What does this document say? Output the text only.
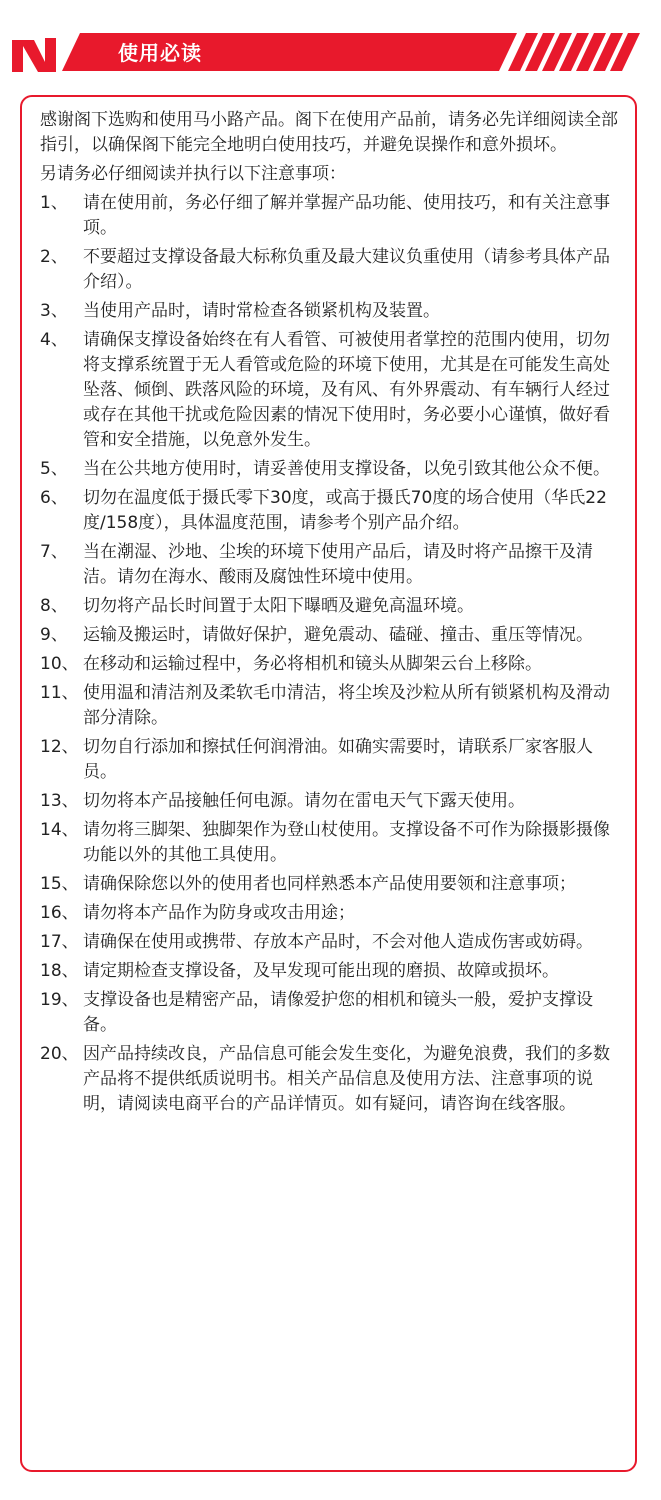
使用必读

感谢阁下选购和使用马小路产品。阁下在使用产品前，请务必先详细阅读全部指引，以确保阁下能完全地明白使用技巧，并避免误操作和意外损坏。

另请务必仔细阅读并执行以下注意事项：

1、 请在使用前，务必仔细了解并掌握产品功能、使用技巧，和有关注意事项。
2、 不要超过支撑设备最大标称负重及最大建议负重使用（请参考具体产品介绍）。
3、 当使用产品时，请时常检查各锁紧机构及装置。
4、 请确保支撑设备始终在有人看管、可被使用者掌控的范围内使用，切勿将支撑系统置于无人看管或危险的环境下使用，尤其是在可能发生高处坠落、倾倒、跌落风险的环境，及有风、有外界震动、有车辆行人经过或存在其他干扰或危险因素的情况下使用时，务必要小心谨慎，做好看管和安全措施，以免意外发生。
5、 当在公共地方使用时，请妥善使用支撑设备，以免引致其他公众不便。
6、 切勿在温度低于摄氏零下30度，或高于摄氏70度的场合使用（华氏22度/158度），具体温度范围，请参考个别产品介绍。
7、 当在潮湿、沙地、尘埃的环境下使用产品后，请及时将产品擦干及清洁。请勿在海水、酸雨及腐蚀性环境中使用。
8、 切勿将产品长时间置于太阳下曝晒及避免高温环境。
9、 运输及搬运时，请做好保护，避免震动、磕碰、撞击、重压等情况。
10、 在移动和运输过程中，务必将相机和镜头从脚架云台上移除。
11、 使用温和清洁剂及柔软毛巾清洁，将尘埃及沙粒从所有锁紧机构及滑动部分清除。
12、 切勿自行添加和擦拭任何润滑油。如确实需要时，请联系厂家客服人员。
13、 切勿将本产品接触任何电源。请勿在雷电天气下露天使用。
14、 请勿将三脚架、独脚架作为登山杖使用。支撑设备不可作为除摄影摄像功能以外的其他工具使用。
15、 请确保除您以外的使用者也同样熟悉本产品使用要领和注意事项；
16、 请勿将本产品作为防身或攻击用途；
17、 请确保在使用或携带、存放本产品时，不会对他人造成伤害或妨碍。
18、 请定期检查支撑设备，及早发现可能出现的磨损、故障或损坏。
19、 支撑设备也是精密产品，请像爱护您的相机和镜头一般，爱护支撑设备。
20、 因产品持续改良，产品信息可能会发生变化，为避免浪费，我们的多数产品将不提供纸质说明书。相关产品信息及使用方法、注意事项的说明，请阅读电商平台的产品详情页。如有疑问，请咨询在线客服。
